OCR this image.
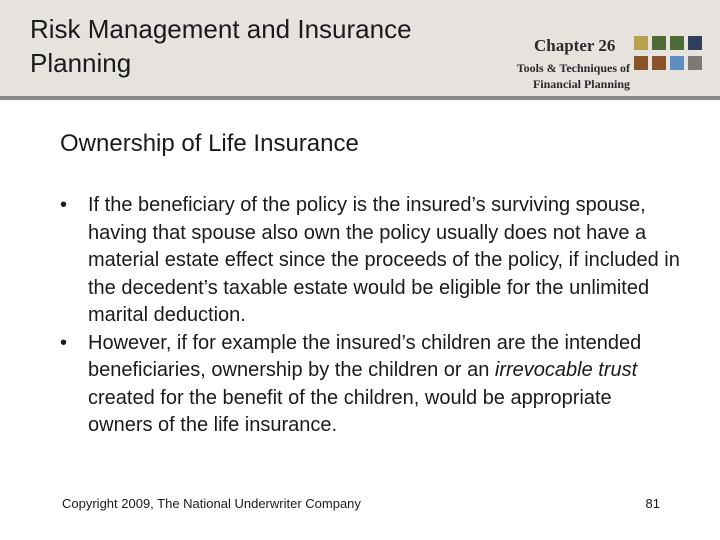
Risk Management and Insurance Planning
Chapter 26
Tools & Techniques of Financial Planning
Ownership of Life Insurance
• If the beneficiary of the policy is the insured’s surviving spouse, having that spouse also own the policy usually does not have a material estate effect since the proceeds of the policy, if included in the decedent’s taxable estate would be eligible for the unlimited marital deduction.
• However, if for example the insured’s children are the intended beneficiaries, ownership by the children or an irrevocable trust created for the benefit of the children, would be appropriate owners of the life insurance.
Copyright 2009, The National Underwriter Company	81
